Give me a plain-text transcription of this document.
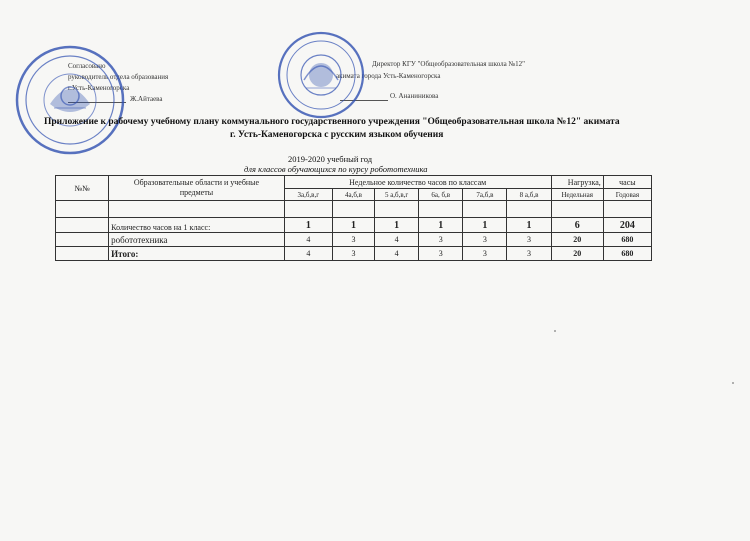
Согласовано
руководитель отдела образования
г.Усть-Каменогорска
Ж.Айтаева
Директор КГУ "Общеобразовательная школа №12"
акимата города Усть-Каменогорска
О. Ананиникова
Приложение к рабочему учебному плану коммунального государственного учреждения "Общеобразовательная школа №12" акимата
г. Усть-Каменогорска с русским языком обучения
2019-2020 учебный год
для классов обучающихся по курсу робототехника
№№	Образовательные области и учебные
предметы	Недельное количество часов по классам						Нагрузка,	часы
		3а,б,в,г	4а,б,в	5 а,б,в,г	6а, б,в	7а,б,в	8 а,б,в	Недельная	Годовая

	Количество часов на 1 класс:	1	1	1	1	1	1	6	204
	робототехника	4	3	4	3	3	3	20	680
	Итого:	4	3	4	3	3	3	20	680
